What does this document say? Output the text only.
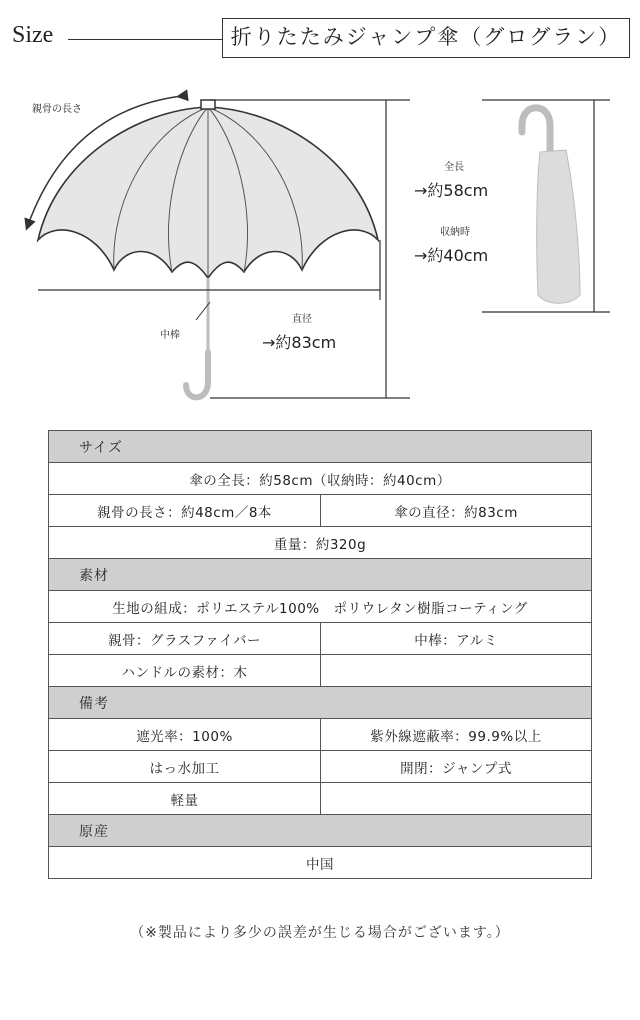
Size	折りたたみジャンプ傘（グログラン）
親骨の長さ
中棒
直径
→約83cm
全長
→約58cm
収納時
→約40cm
サイズ	
傘の全長：約58cm（収納時：約40cm）	
親骨の長さ：約48cm／8本	傘の直径：約83cm
重量：約320g	
素材	
生地の組成：ポリエステル100%　ポリウレタン樹脂コーティング	
親骨：グラスファイバー	中棒：アルミ
ハンドルの素材：木	
備考	
遮光率：100%	紫外線遮蔽率：99.9%以上
はっ水加工	開閉：ジャンプ式
軽量	
原産	
中国	
（※製品により多少の誤差が生じる場合がございます。）
